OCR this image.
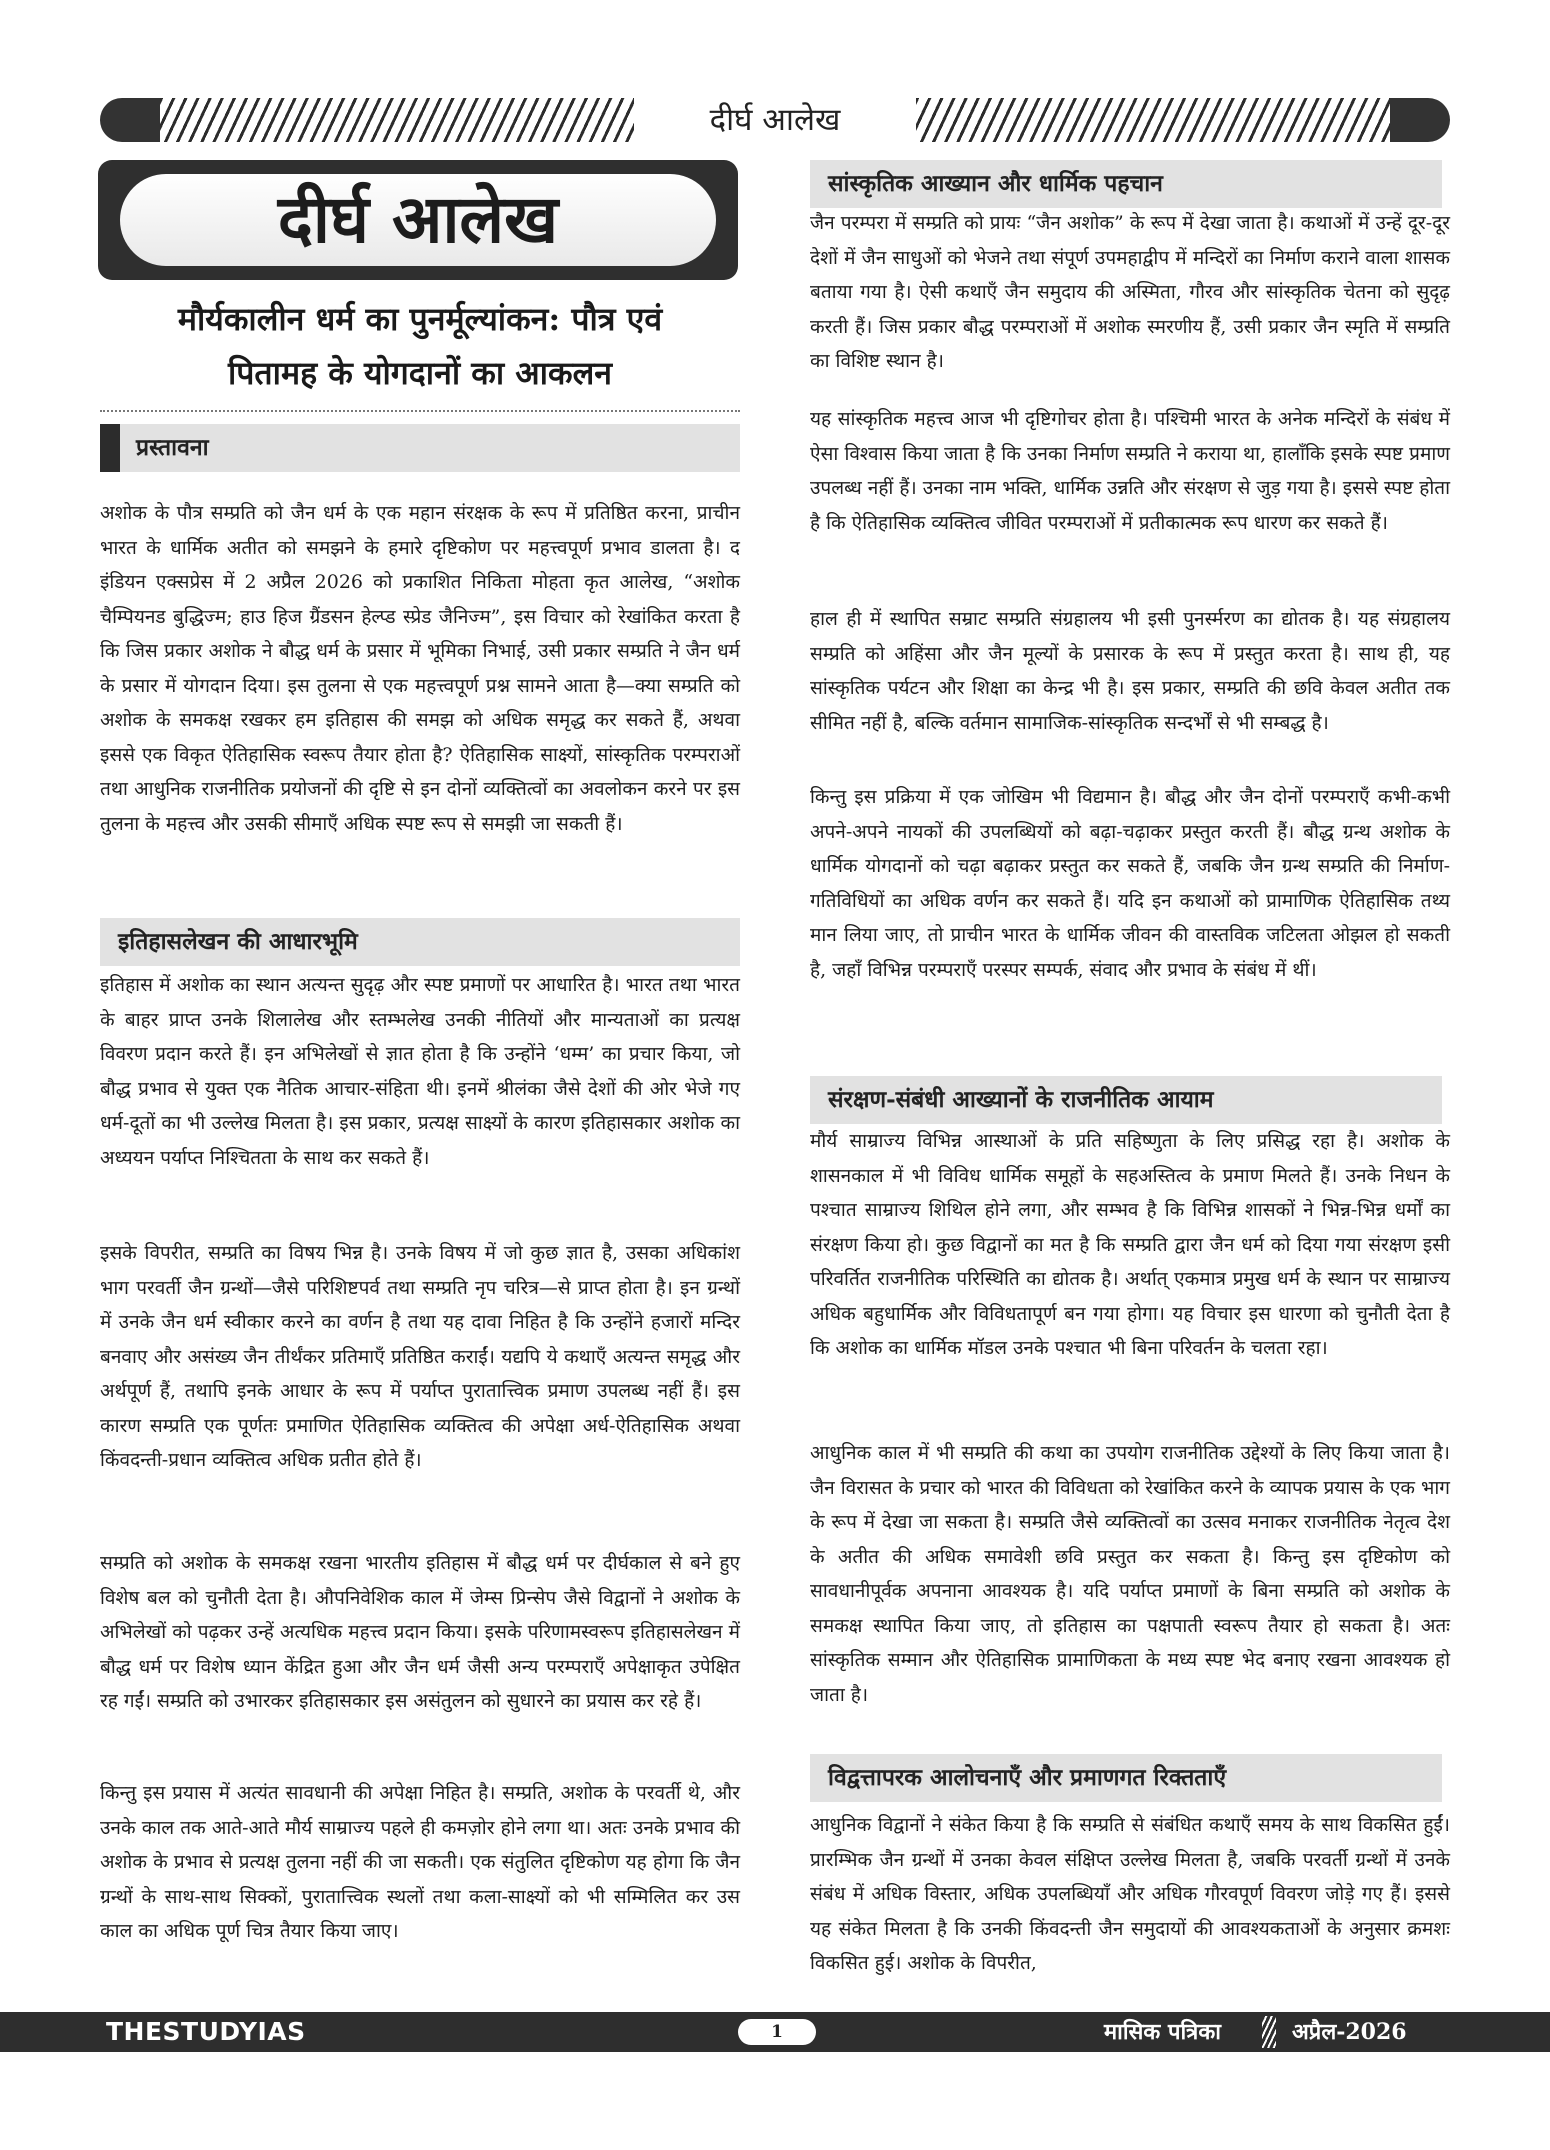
दीर्घ आलेख
दीर्घ आलेख
मौर्यकालीन धर्म का पुनर्मूल्यांकन: पौत्र एवं
पितामह के योगदानों का आकलन
प्रस्तावना

अशोक के पौत्र सम्प्रति को जैन धर्म के एक महान संरक्षक के रूप में प्रतिष्ठित करना, प्राचीन भारत के धार्मिक अतीत को समझने के हमारे दृष्टिकोण पर महत्त्वपूर्ण प्रभाव डालता है। द इंडियन एक्सप्रेस में 2 अप्रैल 2026 को प्रकाशित निकिता मोहता कृत आलेख, “अशोक चैम्पियनड बुद्धिज्म; हाउ हिज ग्रैंडसन हेल्प्ड स्प्रेड जैनिज्म”, इस विचार को रेखांकित करता है कि जिस प्रकार अशोक ने बौद्ध धर्म के प्रसार में भूमिका निभाई, उसी प्रकार सम्प्रति ने जैन धर्म के प्रसार में योगदान दिया। इस तुलना से एक महत्त्वपूर्ण प्रश्न सामने आता है—क्या सम्प्रति को अशोक के समकक्ष रखकर हम इतिहास की समझ को अधिक समृद्ध कर सकते हैं, अथवा इससे एक विकृत ऐतिहासिक स्वरूप तैयार होता है? ऐतिहासिक साक्ष्यों, सांस्कृतिक परम्पराओं तथा आधुनिक राजनीतिक प्रयोजनों की दृष्टि से इन दोनों व्यक्तित्वों का अवलोकन करने पर इस तुलना के महत्त्व और उसकी सीमाएँ अधिक स्पष्ट रूप से समझी जा सकती हैं।

इतिहासलेखन की आधारभूमि

इतिहास में अशोक का स्थान अत्यन्त सुदृढ़ और स्पष्ट प्रमाणों पर आधारित है। भारत तथा भारत के बाहर प्राप्त उनके शिलालेख और स्तम्भलेख उनकी नीतियों और मान्यताओं का प्रत्यक्ष विवरण प्रदान करते हैं। इन अभिलेखों से ज्ञात होता है कि उन्होंने ‘धम्म’ का प्रचार किया, जो बौद्ध प्रभाव से युक्त एक नैतिक आचार-संहिता थी। इनमें श्रीलंका जैसे देशों की ओर भेजे गए धर्म-दूतों का भी उल्लेख मिलता है। इस प्रकार, प्रत्यक्ष साक्ष्यों के कारण इतिहासकार अशोक का अध्ययन पर्याप्त निश्चितता के साथ कर सकते हैं।

इसके विपरीत, सम्प्रति का विषय भिन्न है। उनके विषय में जो कुछ ज्ञात है, उसका अधिकांश भाग परवर्ती जैन ग्रन्थों—जैसे परिशिष्टपर्व तथा सम्प्रति नृप चरित्र—से प्राप्त होता है। इन ग्रन्थों में उनके जैन धर्म स्वीकार करने का वर्णन है तथा यह दावा निहित है कि उन्होंने हजारों मन्दिर बनवाए और असंख्य जैन तीर्थंकर प्रतिमाएँ प्रतिष्ठित कराईं। यद्यपि ये कथाएँ अत्यन्त समृद्ध और अर्थपूर्ण हैं, तथापि इनके आधार के रूप में पर्याप्त पुरातात्त्विक प्रमाण उपलब्ध नहीं हैं। इस कारण सम्प्रति एक पूर्णतः प्रमाणित ऐतिहासिक व्यक्तित्व की अपेक्षा अर्ध-ऐतिहासिक अथवा किंवदन्ती-प्रधान व्यक्तित्व अधिक प्रतीत होते हैं।

सम्प्रति को अशोक के समकक्ष रखना भारतीय इतिहास में बौद्ध धर्म पर दीर्घकाल से बने हुए विशेष बल को चुनौती देता है। औपनिवेशिक काल में जेम्स प्रिन्सेप जैसे विद्वानों ने अशोक के अभिलेखों को पढ़कर उन्हें अत्यधिक महत्त्व प्रदान किया। इसके परिणामस्वरूप इतिहासलेखन में बौद्ध धर्म पर विशेष ध्यान केंद्रित हुआ और जैन धर्म जैसी अन्य परम्पराएँ अपेक्षाकृत उपेक्षित रह गईं। सम्प्रति को उभारकर इतिहासकार इस असंतुलन को सुधारने का प्रयास कर रहे हैं।

किन्तु इस प्रयास में अत्यंत सावधानी की अपेक्षा निहित है। सम्प्रति, अशोक के परवर्ती थे, और उनके काल तक आते-आते मौर्य साम्राज्य पहले ही कमज़ोर होने लगा था। अतः उनके प्रभाव की अशोक के प्रभाव से प्रत्यक्ष तुलना नहीं की जा सकती। एक संतुलित दृष्टिकोण यह होगा कि जैन ग्रन्थों के साथ-साथ सिक्कों, पुरातात्त्विक स्थलों तथा कला-साक्ष्यों को भी सम्मिलित कर उस काल का अधिक पूर्ण चित्र तैयार किया जाए।

सांस्कृतिक आख्यान और धार्मिक पहचान

जैन परम्परा में सम्प्रति को प्रायः “जैन अशोक” के रूप में देखा जाता है। कथाओं में उन्हें दूर-दूर देशों में जैन साधुओं को भेजने तथा संपूर्ण उपमहाद्वीप में मन्दिरों का निर्माण कराने वाला शासक बताया गया है। ऐसी कथाएँ जैन समुदाय की अस्मिता, गौरव और सांस्कृतिक चेतना को सुदृढ़ करती हैं। जिस प्रकार बौद्ध परम्पराओं में अशोक स्मरणीय हैं, उसी प्रकार जैन स्मृति में सम्प्रति का विशिष्ट स्थान है।

यह सांस्कृतिक महत्त्व आज भी दृष्टिगोचर होता है। पश्चिमी भारत के अनेक मन्दिरों के संबंध में ऐसा विश्वास किया जाता है कि उनका निर्माण सम्प्रति ने कराया था, हालाँकि इसके स्पष्ट प्रमाण उपलब्ध नहीं हैं। उनका नाम भक्ति, धार्मिक उन्नति और संरक्षण से जुड़ गया है। इससे स्पष्ट होता है कि ऐतिहासिक व्यक्तित्व जीवित परम्पराओं में प्रतीकात्मक रूप धारण कर सकते हैं।

हाल ही में स्थापित सम्राट सम्प्रति संग्रहालय भी इसी पुनर्स्मरण का द्योतक है। यह संग्रहालय सम्प्रति को अहिंसा और जैन मूल्यों के प्रसारक के रूप में प्रस्तुत करता है। साथ ही, यह सांस्कृतिक पर्यटन और शिक्षा का केन्द्र भी है। इस प्रकार, सम्प्रति की छवि केवल अतीत तक सीमित नहीं है, बल्कि वर्तमान सामाजिक-सांस्कृतिक सन्दर्भों से भी सम्बद्ध है।

किन्तु इस प्रक्रिया में एक जोखिम भी विद्यमान है। बौद्ध और जैन दोनों परम्पराएँ कभी-कभी अपने-अपने नायकों की उपलब्धियों को बढ़ा-चढ़ाकर प्रस्तुत करती हैं। बौद्ध ग्रन्थ अशोक के धार्मिक योगदानों को चढ़ा बढ़ाकर प्रस्तुत कर सकते हैं, जबकि जैन ग्रन्थ सम्प्रति की निर्माण-गतिविधियों का अधिक वर्णन कर सकते हैं। यदि इन कथाओं को प्रामाणिक ऐतिहासिक तथ्य मान लिया जाए, तो प्राचीन भारत के धार्मिक जीवन की वास्तविक जटिलता ओझल हो सकती है, जहाँ विभिन्न परम्पराएँ परस्पर सम्पर्क, संवाद और प्रभाव के संबंध में थीं।

संरक्षण-संबंधी आख्यानों के राजनीतिक आयाम

मौर्य साम्राज्य विभिन्न आस्थाओं के प्रति सहिष्णुता के लिए प्रसिद्ध रहा है। अशोक के शासनकाल में भी विविध धार्मिक समूहों के सहअस्तित्व के प्रमाण मिलते हैं। उनके निधन के पश्चात साम्राज्य शिथिल होने लगा, और सम्भव है कि विभिन्न शासकों ने भिन्न-भिन्न धर्मों का संरक्षण किया हो। कुछ विद्वानों का मत है कि सम्प्रति द्वारा जैन धर्म को दिया गया संरक्षण इसी परिवर्तित राजनीतिक परिस्थिति का द्योतक है। अर्थात् एकमात्र प्रमुख धर्म के स्थान पर साम्राज्य अधिक बहुधार्मिक और विविधतापूर्ण बन गया होगा। यह विचार इस धारणा को चुनौती देता है कि अशोक का धार्मिक मॉडल उनके पश्चात भी बिना परिवर्तन के चलता रहा।

आधुनिक काल में भी सम्प्रति की कथा का उपयोग राजनीतिक उद्देश्यों के लिए किया जाता है। जैन विरासत के प्रचार को भारत की विविधता को रेखांकित करने के व्यापक प्रयास के एक भाग के रूप में देखा जा सकता है। सम्प्रति जैसे व्यक्तित्वों का उत्सव मनाकर राजनीतिक नेतृत्व देश के अतीत की अधिक समावेशी छवि प्रस्तुत कर सकता है। किन्तु इस दृष्टिकोण को सावधानीपूर्वक अपनाना आवश्यक है। यदि पर्याप्त प्रमाणों के बिना सम्प्रति को अशोक के समकक्ष स्थापित किया जाए, तो इतिहास का पक्षपाती स्वरूप तैयार हो सकता है। अतः सांस्कृतिक सम्मान और ऐतिहासिक प्रामाणिकता के मध्य स्पष्ट भेद बनाए रखना आवश्यक हो जाता है।

विद्वत्तापरक आलोचनाएँ और प्रमाणगत रिक्तताएँ

आधुनिक विद्वानों ने संकेत किया है कि सम्प्रति से संबंधित कथाएँ समय के साथ विकसित हुईं। प्रारम्भिक जैन ग्रन्थों में उनका केवल संक्षिप्त उल्लेख मिलता है, जबकि परवर्ती ग्रन्थों में उनके संबंध में अधिक विस्तार, अधिक उपलब्धियाँ और अधिक गौरवपूर्ण विवरण जोड़े गए हैं। इससे यह संकेत मिलता है कि उनकी किंवदन्ती जैन समुदायों की आवश्यकताओं के अनुसार क्रमशः विकसित हुई। अशोक के विपरीत,

THESTUDYIAS	1	मासिक पत्रिका	अप्रैल-2026
